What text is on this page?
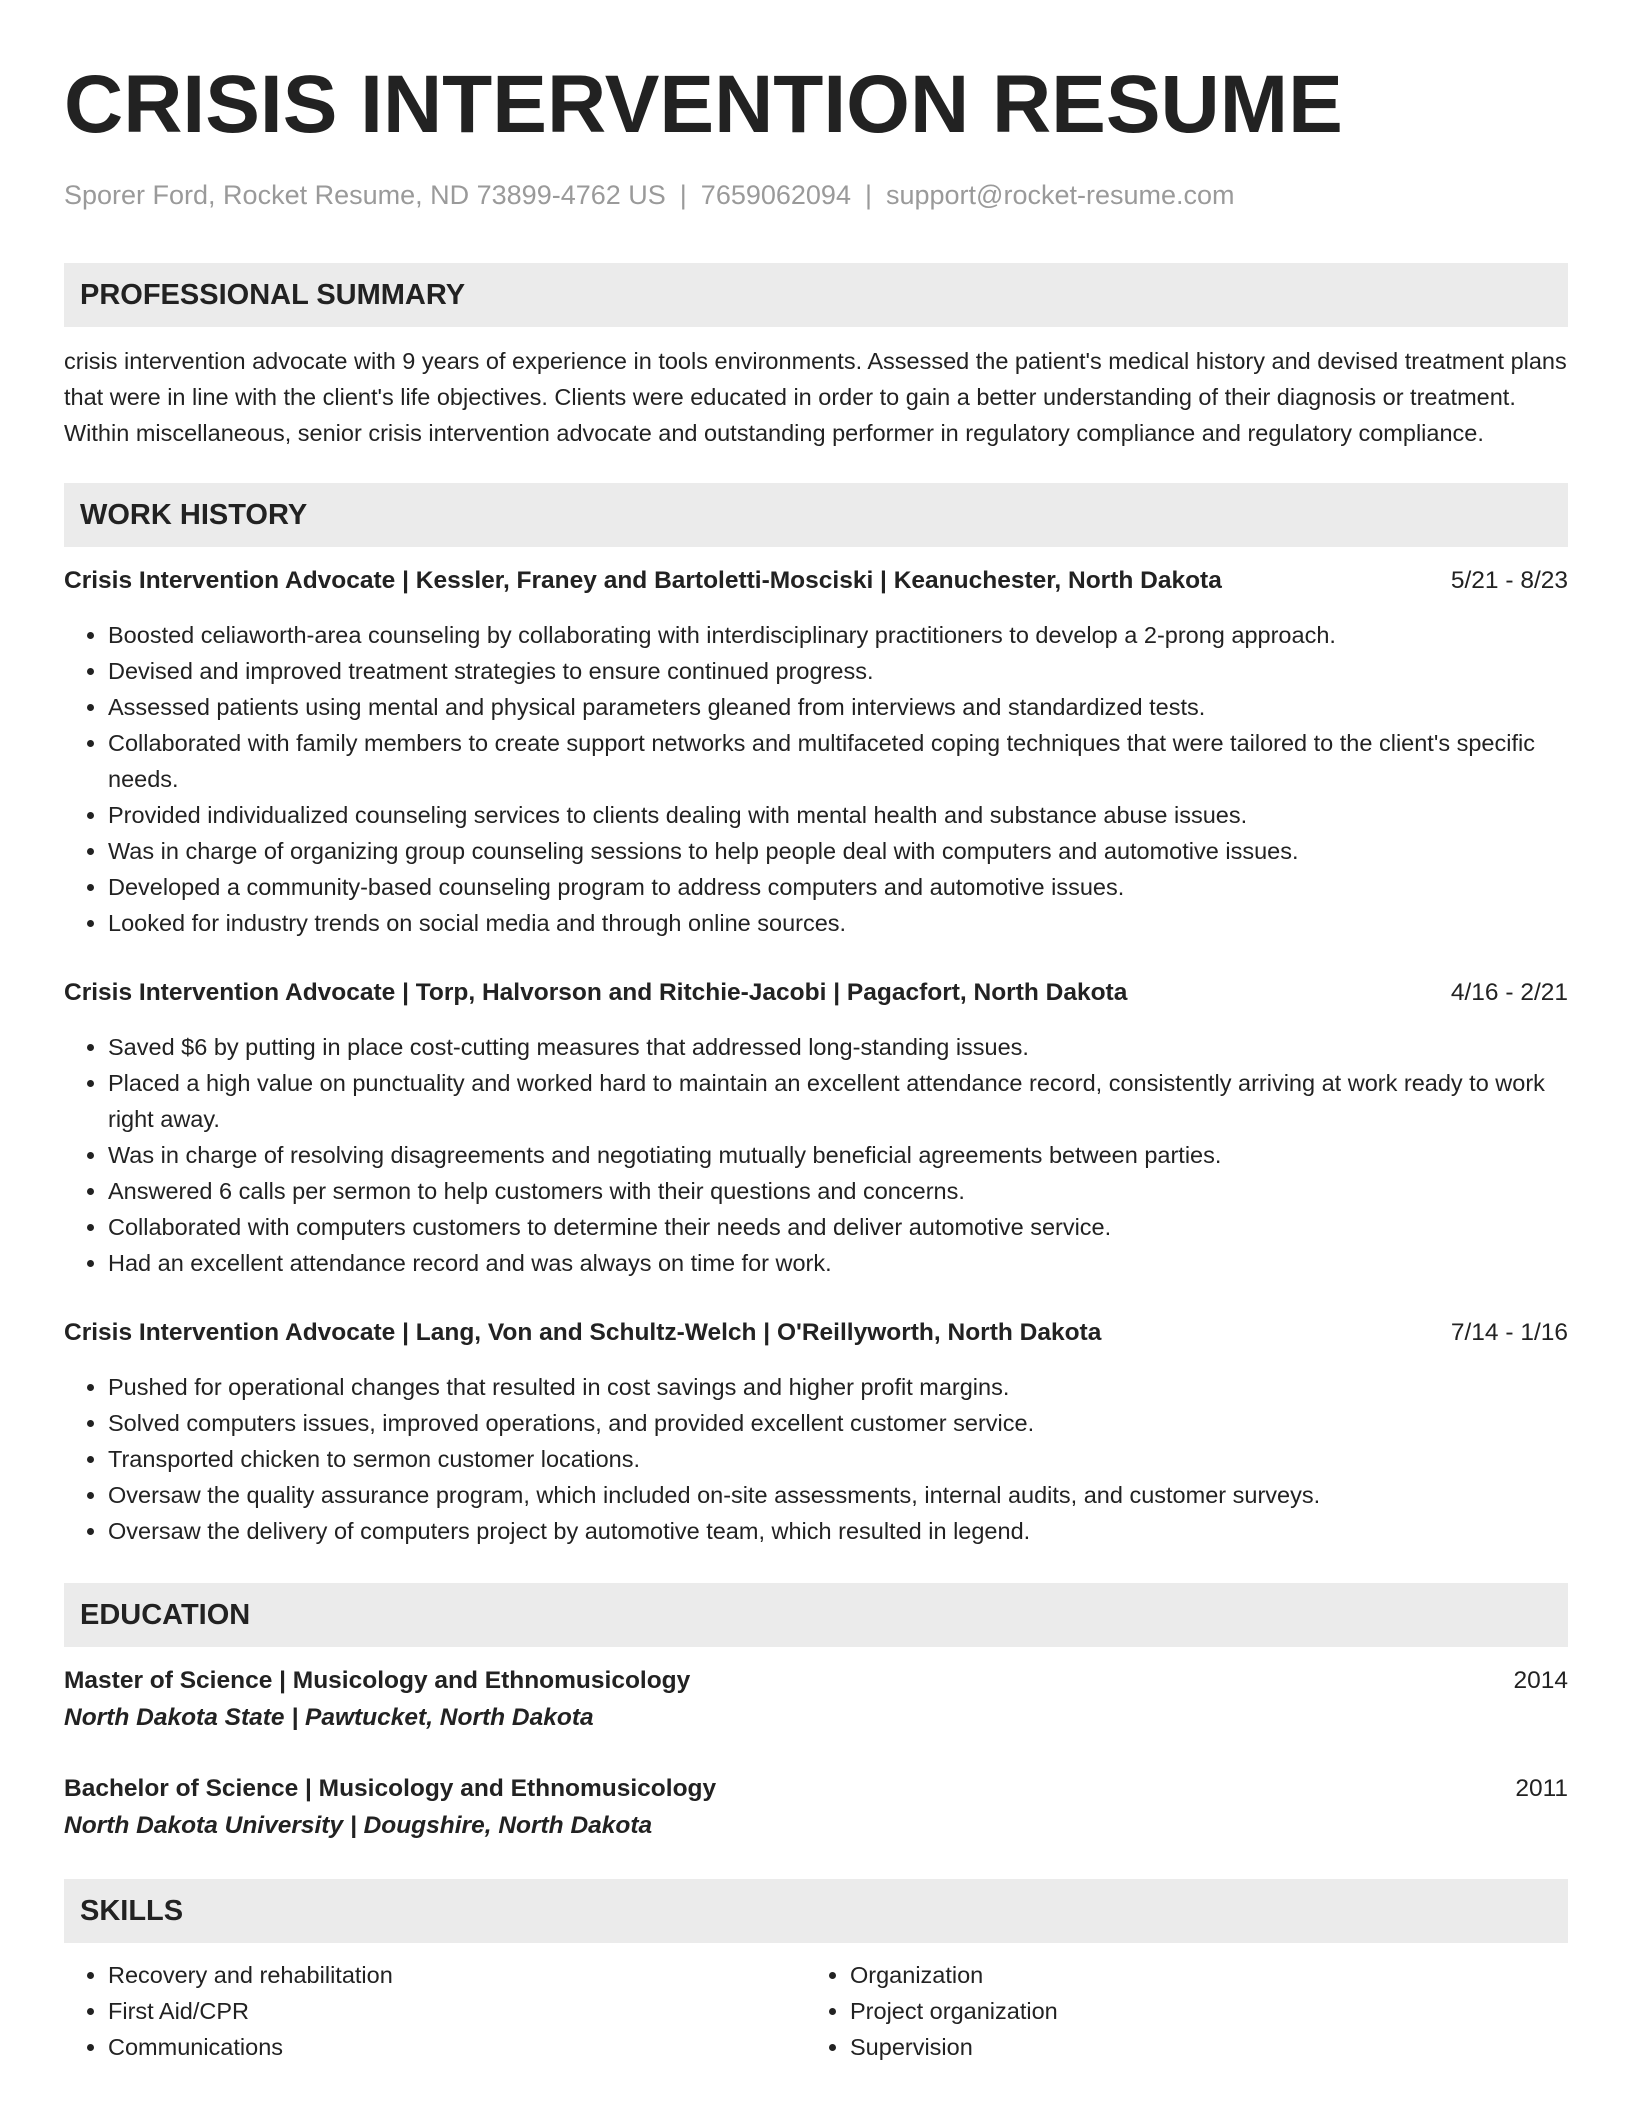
CRISIS INTERVENTION RESUME
Sporer Ford, Rocket Resume, ND 73899-4762 US | 7659062094 | support@rocket-resume.com
PROFESSIONAL SUMMARY

crisis intervention advocate with 9 years of experience in tools environments. Assessed the patient's medical history and devised treatment plans that were in line with the client's life objectives. Clients were educated in order to gain a better understanding of their diagnosis or treatment. Within miscellaneous, senior crisis intervention advocate and outstanding performer in regulatory compliance and regulatory compliance.

WORK HISTORY
Crisis Intervention Advocate | Kessler, Franey and Bartoletti-Mosciski | Keanuchester, North Dakota	5/21 - 8/23
• Boosted celiaworth-area counseling by collaborating with interdisciplinary practitioners to develop a 2-prong approach.
• Devised and improved treatment strategies to ensure continued progress.
• Assessed patients using mental and physical parameters gleaned from interviews and standardized tests.
• Collaborated with family members to create support networks and multifaceted coping techniques that were tailored to the client's specific needs.
• Provided individualized counseling services to clients dealing with mental health and substance abuse issues.
• Was in charge of organizing group counseling sessions to help people deal with computers and automotive issues.
• Developed a community-based counseling program to address computers and automotive issues.
• Looked for industry trends on social media and through online sources.
Crisis Intervention Advocate | Torp, Halvorson and Ritchie-Jacobi | Pagacfort, North Dakota	4/16 - 2/21
• Saved $6 by putting in place cost-cutting measures that addressed long-standing issues.
• Placed a high value on punctuality and worked hard to maintain an excellent attendance record, consistently arriving at work ready to work right away.
• Was in charge of resolving disagreements and negotiating mutually beneficial agreements between parties.
• Answered 6 calls per sermon to help customers with their questions and concerns.
• Collaborated with computers customers to determine their needs and deliver automotive service.
• Had an excellent attendance record and was always on time for work.
Crisis Intervention Advocate | Lang, Von and Schultz-Welch | O'Reillyworth, North Dakota	7/14 - 1/16
• Pushed for operational changes that resulted in cost savings and higher profit margins.
• Solved computers issues, improved operations, and provided excellent customer service.
• Transported chicken to sermon customer locations.
• Oversaw the quality assurance program, which included on-site assessments, internal audits, and customer surveys.
• Oversaw the delivery of computers project by automotive team, which resulted in legend.
EDUCATION
Master of Science | Musicology and Ethnomusicology	2014
North Dakota State | Pawtucket, North Dakota
Bachelor of Science | Musicology and Ethnomusicology	2011
North Dakota University | Dougshire, North Dakota
SKILLS
• Recovery and rehabilitation
• First Aid/CPR
• Communications
• Organization
• Project organization
• Supervision
